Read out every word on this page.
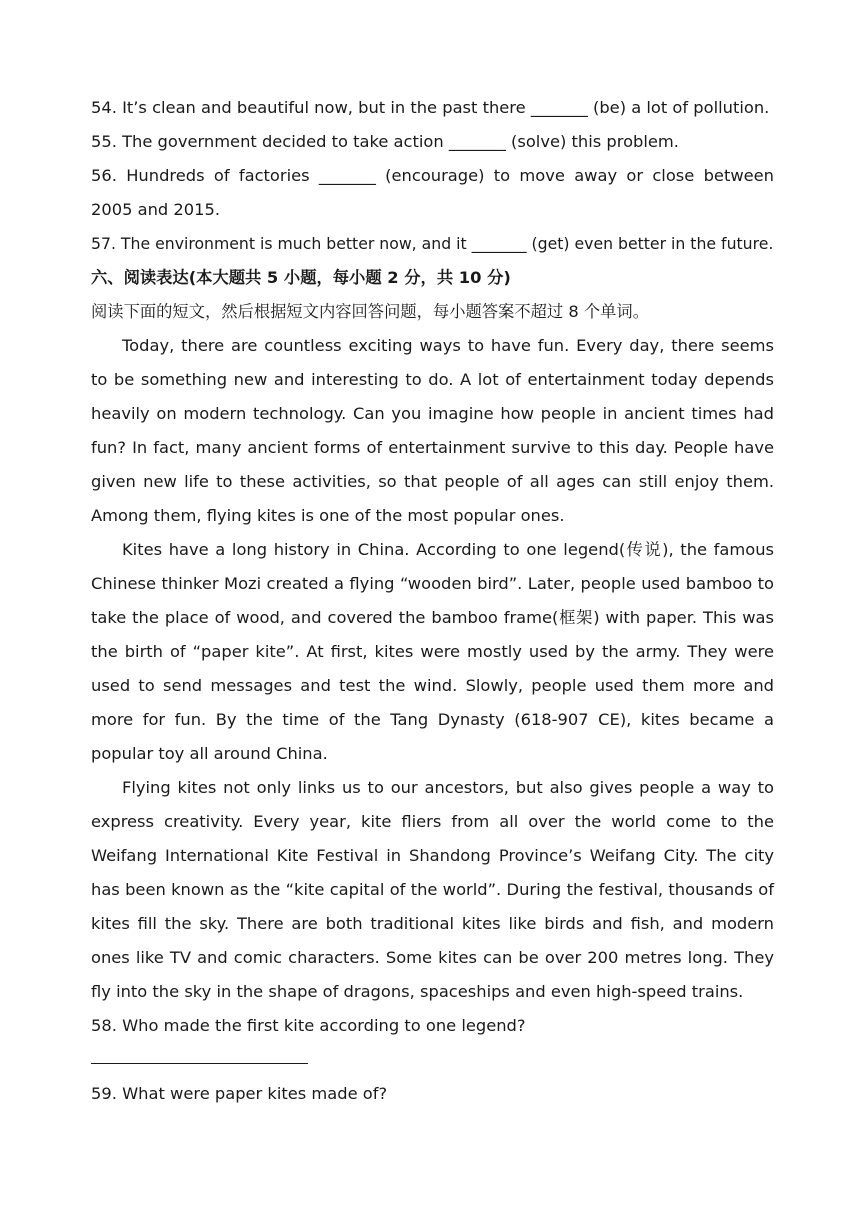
54. It’s clean and beautiful now, but in the past there _______ (be) a lot of pollution.

55. The government decided to take action _______ (solve) this problem.

56. Hundreds of factories _______ (encourage) to move away or close between 2005 and 2015.

57. The environment is much better now, and it _______ (get) even better in the future.

六、阅读表达(本大题共 5 小题，每小题 2 分，共 10 分)

阅读下面的短文，然后根据短文内容回答问题，每小题答案不超过 8 个单词。

Today, there are countless exciting ways to have fun. Every day, there seems to be something new and interesting to do. A lot of entertainment today depends heavily on modern technology. Can you imagine how people in ancient times had fun? In fact, many ancient forms of entertainment survive to this day. People have given new life to these activities, so that people of all ages can still enjoy them. Among them, flying kites is one of the most popular ones.

Kites have a long history in China. According to one legend(传说), the famous Chinese thinker Mozi created a flying “wooden bird”. Later, people used bamboo to take the place of wood, and covered the bamboo frame(框架) with paper. This was the birth of “paper kite”. At first, kites were mostly used by the army. They were used to send messages and test the wind. Slowly, people used them more and more for fun. By the time of the Tang Dynasty (618-907 CE), kites became a popular toy all around China.

Flying kites not only links us to our ancestors, but also gives people a way to express creativity. Every year, kite fliers from all over the world come to the Weifang International Kite Festival in Shandong Province’s Weifang City. The city has been known as the “kite capital of the world”. During the festival, thousands of kites fill the sky. There are both traditional kites like birds and fish, and modern ones like TV and comic characters. Some kites can be over 200 metres long. They fly into the sky in the shape of dragons, spaceships and even high-speed trains.

58. Who made the first kite according to one legend?

59. What were paper kites made of?
